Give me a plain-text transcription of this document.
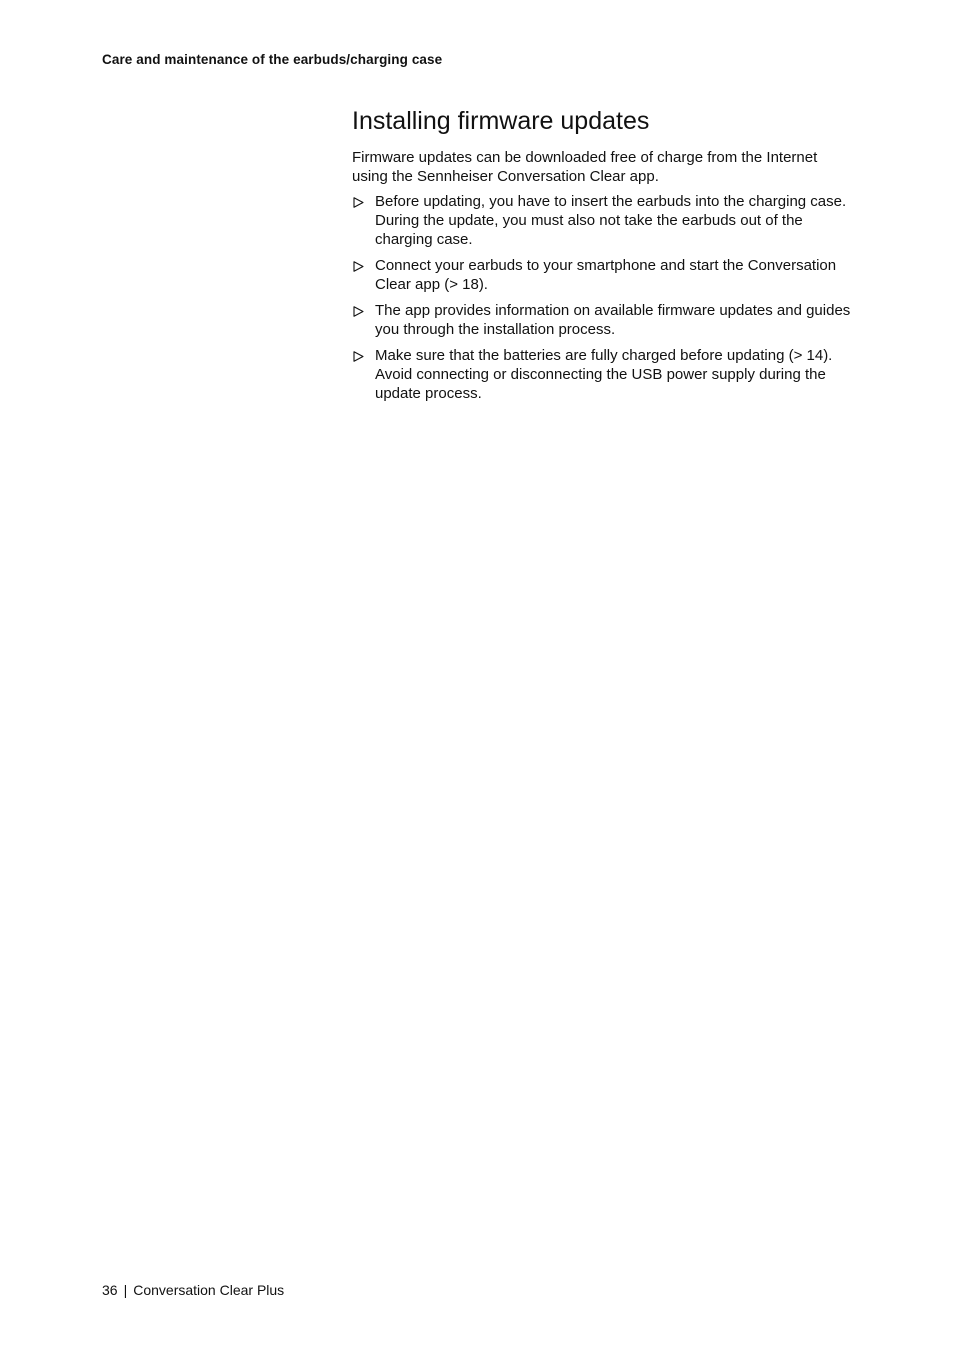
Care and maintenance of the earbuds/charging case
Installing firmware updates

Firmware updates can be downloaded free of charge from the Internet using the Sennheiser Conversation Clear app.

Before updating, you have to insert the earbuds into the charging case. During the update, you must also not take the earbuds out of the charging case.
Connect your earbuds to your smartphone and start the Conversation Clear app (> 18).
The app provides information on available firmware updates and guides you through the installation process.
Make sure that the batteries are fully charged before updating (> 14). Avoid connecting or disconnecting the USB power supply during the update process.
36 | Conversation Clear Plus
